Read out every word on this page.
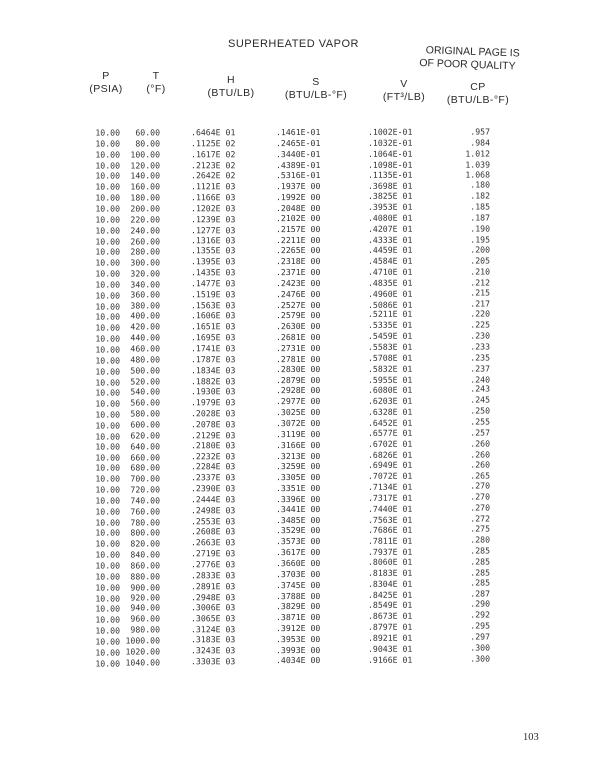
SUPERHEATED VAPOR
ORIGINAL PAGE IS
OF POOR QUALITY
P
(PSIA)
T
(°F)
H
(BTU/LB)
S
(BTU/LB-°F)
V
(FT³/LB)
CP
(BTU/LB-°F)
10.00	60.00	.6464E 01	.1461E-01	.1002E-01	.957
10.00	80.00	.1125E 02	.2465E-01	.1032E-01	.984
10.00	100.00	.1617E 02	.3440E-01	.1064E-01	1.012
10.00	120.00	.2123E 02	.4389E-01	.1098E-01	1.039
10.00	140.00	.2642E 02	.5316E-01	.1135E-01	1.068
10.00	160.00	.1121E 03	.1937E 00	.3698E 01	.180
10.00	180.00	.1166E 03	.1992E 00	.3825E 01	.182
10.00	200.00	.1202E 03	.2048E 00	.3953E 01	.185
10.00	220.00	.1239E 03	.2102E 00	.4080E 01	.187
10.00	240.00	.1277E 03	.2157E 00	.4207E 01	.190
10.00	260.00	.1316E 03	.2211E 00	.4333E 01	.195
10.00	280.00	.1355E 03	.2265E 00	.4459E 01	.200
10.00	300.00	.1395E 03	.2318E 00	.4584E 01	.205
10.00	320.00	.1435E 03	.2371E 00	.4710E 01	.210
10.00	340.00	.1477E 03	.2423E 00	.4835E 01	.212
10.00	360.00	.1519E 03	.2476E 00	.4960E 01	.215
10.00	380.00	.1563E 03	.2527E 00	.5086E 01	.217
10.00	400.00	.1606E 03	.2579E 00	.5211E 01	.220
10.00	420.00	.1651E 03	.2630E 00	.5335E 01	.225
10.00	440.00	.1695E 03	.2681E 00	.5459E 01	.230
10.00	460.00	.1741E 03	.2731E 00	.5583E 01	.233
10.00	480.00	.1787E 03	.2781E 00	.5708E 01	.235
10.00	500.00	.1834E 03	.2830E 00	.5832E 01	.237
10.00	520.00	.1882E 03	.2879E 00	.5955E 01	.240
10.00	540.00	.1930E 03	.2928E 00	.6080E 01	.243
10.00	560.00	.1979E 03	.2977E 00	.6203E 01	.245
10.00	580.00	.2028E 03	.3025E 00	.6328E 01	.250
10.00	600.00	.2078E 03	.3072E 00	.6452E 01	.255
10.00	620.00	.2129E 03	.3119E 00	.6577E 01	.257
10.00	640.00	.2180E 03	.3166E 00	.6702E 01	.260
10.00	660.00	.2232E 03	.3213E 00	.6826E 01	.260
10.00	680.00	.2284E 03	.3259E 00	.6949E 01	.260
10.00	700.00	.2337E 03	.3305E 00	.7072E 01	.265
10.00	720.00	.2390E 03	.3351E 00	.7134E 01	.270
10.00	740.00	.2444E 03	.3396E 00	.7317E 01	.270
10.00	760.00	.2498E 03	.3441E 00	.7440E 01	.270
10.00	780.00	.2553E 03	.3485E 00	.7563E 01	.272
10.00	800.00	.2608E 03	.3529E 00	.7686E 01	.275
10.00	820.00	.2663E 03	.3573E 00	.7811E 01	.280
10.00	840.00	.2719E 03	.3617E 00	.7937E 01	.285
10.00	860.00	.2776E 03	.3660E 00	.8060E 01	.285
10.00	880.00	.2833E 03	.3703E 00	.8183E 01	.285
10.00	900.00	.2891E 03	.3745E 00	.8304E 01	.285
10.00	920.00	.2948E 03	.3788E 00	.8425E 01	.287
10.00	940.00	.3006E 03	.3829E 00	.8549E 01	.290
10.00	960.00	.3065E 03	.3871E 00	.8673E 01	.292
10.00	980.00	.3124E 03	.3912E 00	.8797E 01	.295
10.00 1000.00	.3183E 03	.3953E 00	.8921E 01	.297
10.00 1020.00	.3243E 03	.3993E 00	.9043E 01	.300
10.00 1040.00	.3303E 03	.4034E 00	.9166E 01	.300
103
